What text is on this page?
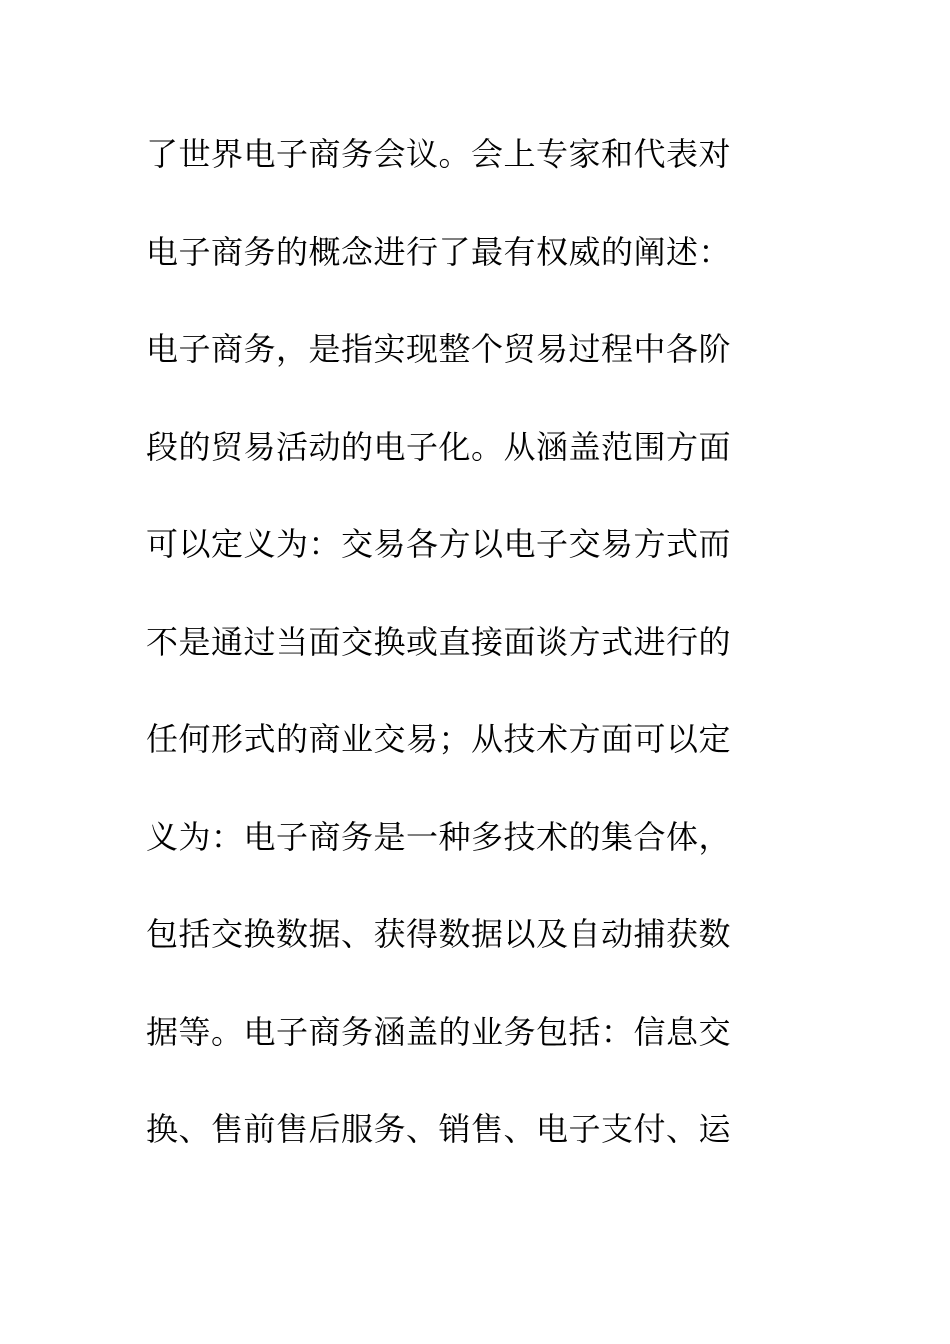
了世界电子商务会议。会上专家和代表对
电子商务的概念进行了最有权威的阐述：
电子商务，是指实现整个贸易过程中各阶
段的贸易活动的电子化。从涵盖范围方面
可以定义为：交易各方以电子交易方式而
不是通过当面交换或直接面谈方式进行的
任何形式的商业交易；从技术方面可以定
义为：电子商务是一种多技术的集合体，
包括交换数据、获得数据以及自动捕获数
据等。电子商务涵盖的业务包括：信息交
换、售前售后服务、销售、电子支付、运
